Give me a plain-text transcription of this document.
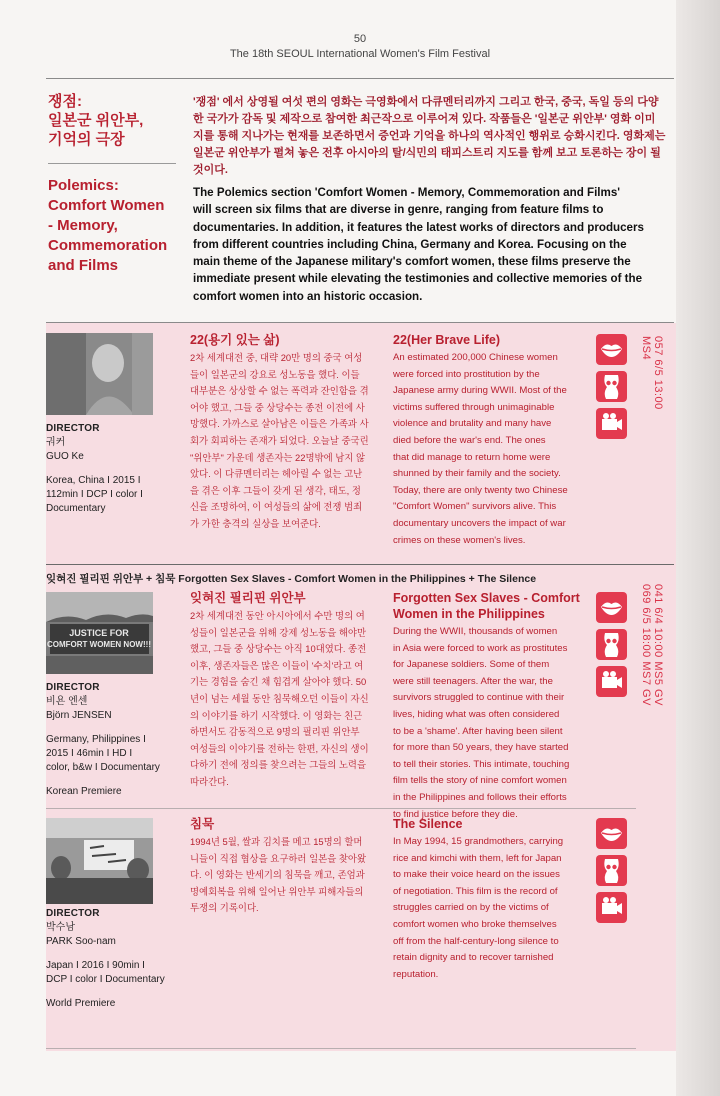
50
The 18th SEOUL International Women's Film Festival
쟁점:
일본군 위안부,
기억의 극장
Polemics:
Comfort Women
- Memory,
Commemoration
and Films
'쟁점' 에서 상영될 여섯 편의 영화는 극영화에서 다큐멘터리까지 그리고 한국, 중국, 독일 등의 다양
한 국가가 감독 및 제작으로 참여한 최근작으로 이루어져 있다. 작품들은 '일본군 위안부' 영화 이미
지를 통해 지나가는 현재를 보존하면서 증언과 기억을 하나의 역사적인 행위로 승화시킨다. 영화제는
일본군 위안부가 펼쳐 놓은 전후 아시아의 탈/식민의 태피스트리 지도를 함께 보고 토론하는 장이 될
것이다.
The Polemics section 'Comfort Women - Memory, Commemoration and Films'
will screen six films that are diverse in genre, ranging from feature films to
documentaries. In addition, it features the latest works of directors and producers
from different countries including China, Germany and Korea. Focusing on the
main theme of the Japanese military's comfort women, these films preserve the
immediate present while elevating the testimonies and collective memories of the
comfort women into an historic occasion.

DIRECTOR

궈커

GUO Ke

Korea, China I 2015 I

112min I DCP I color I

Documentary

22(용기 있는 삶)
2차 세계대전 중, 대략 20만 명의 중국 여성
들이 일본군의 강요로 성노동을 했다. 이들
대부분은 상상할 수 없는 폭력과 잔인함을 겪
어야 했고, 그들 중 상당수는 종전 이전에 사
망했다. 가까스로 살아남은 이들은 가족과 사
회가 회피하는 존재가 되었다. 오늘날 중국린
"위안부" 가운데 생존자는 22명밖에 남지 않
았다. 이 다큐멘터리는 헤아릴 수 없는 고난
을 겪은 이후 그들이 갖게 된 생각, 태도, 정
신을 조명하여, 이 여성들의 삶에 전쟁 범죄
가 가한 충격의 실상을 보여준다.
22(Her Brave Life)
An estimated 200,000 Chinese women
were forced into prostitution by the
Japanese army during WWII. Most of the
victims suffered through unimaginable
violence and brutality and many have
died before the war's end. The ones
that did manage to return home were
shunned by their family and the society.
Today, there are only twenty two Chinese
"Comfort Women" survivors alive. This
documentary uncovers the impact of war
crimes on these women's lives.
057 6/5 13:00 MS4
잊혀진 필리핀 위안부 + 침묵 Forgotten Sex Slaves - Comfort Women in the Philippines + The Silence
JUSTICE FOR
COMFORT WOMEN NOW!!!

DIRECTOR

비욘 엔센

Björn JENSEN

Germany, Philippines I

2015 I 46min I HD I

color, b&w I Documentary

Korean Premiere

잊혀진 필리핀 위안부
2차 세계대전 동안 아시아에서 수만 명의 여
성들이 일본군을 위해 강제 성노동을 해야만
했고, 그들 중 상당수는 아직 10대였다. 종전
이후, 생존자들은 많은 이들이 '수치'라고 여
기는 경험을 숨긴 채 힘겹게 살아야 했다. 50
년이 넘는 세월 동안 침묵해오던 이들이 자신
의 이야기를 하기 시작했다. 이 영화는 친근
하면서도 감동적으로 9명의 필리핀 위안부
여성들의 이야기를 전하는 한편, 자신의 생이
다하기 전에 정의를 찾으려는 그들의 노력을
따라간다.
Forgotten Sex Slaves - Comfort
Women in the Philippines
During the WWII, thousands of women
in Asia were forced to work as prostitutes
for Japanese soldiers. Some of them
were still teenagers. After the war, the
survivors struggled to continue with their
lives, hiding what was often considered
to be a 'shame'. After having been silent
for more than 50 years, they have started
to tell their stories. This intimate, touching
film tells the story of nine comfort women
in the Philippines and follows their efforts
to find justice before they die.
041 6/4 10:00 MS5 GV
069 6/5 18:00 MS7 GV

DIRECTOR

박수남

PARK Soo-nam

Japan I 2016 I 90min I

DCP I color I Documentary

World Premiere

침묵
1994년 5월, 쌀과 김치를 메고 15명의 할머
니들이 직접 협상을 요구하러 일본을 찾아왔
다. 이 영화는 반세기의 침묵을 깨고, 존엄과
명예회복을 위해 일어난 위안부 피해자들의
투쟁의 기록이다.
The Silence
In May 1994, 15 grandmothers, carrying
rice and kimchi with them, left for Japan
to make their voice heard on the issues
of negotiation. This film is the record of
struggles carried on by the victims of
comfort women who broke themselves
off from the half-century-long silence to
retain dignity and to recover tarnished
reputation.
